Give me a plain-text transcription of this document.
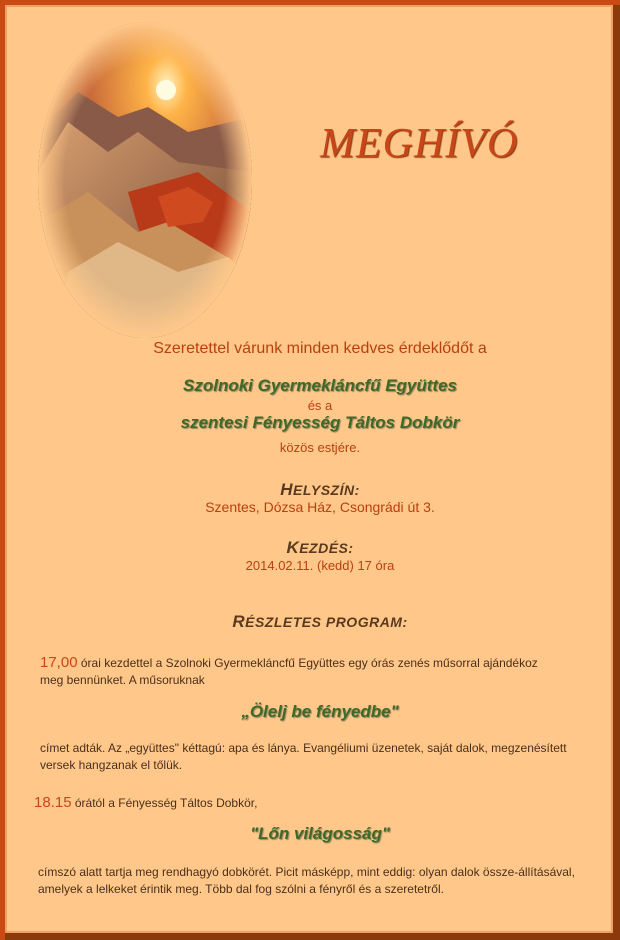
MEGHÍVÓ
Szeretettel várunk minden kedves érdeklődőt a
Szolnoki Gyermekláncfű Együttes
és a
szentesi Fényesség Táltos Dobkör
közös estjére.
HELYSZÍN:
Szentes, Dózsa Ház, Csongrádi út 3.
KEZDÉS:
2014.02.11. (kedd) 17 óra
RÉSZLETES PROGRAM:
17,00 órai kezdettel a Szolnoki Gyermekláncfű Együttes egy órás zenés műsorral ajándékoz meg bennünket. A műsoruknak
„Ölelj be fényedbe"
címet adták. Az „együttes" kéttagú: apa és lánya. Evangéliumi üzenetek, saját dalok, megzenésített versek hangzanak el tőlük.
18.15 órától a Fényesség Táltos Dobkör,
"Lőn világosság"
címszó alatt tartja meg rendhagyó dobkörét. Picit másképp, mint eddig: olyan dalok össze-állításával, amelyek a lelkeket érintik meg. Több dal fog szólni a fényről és a szeretetről.
